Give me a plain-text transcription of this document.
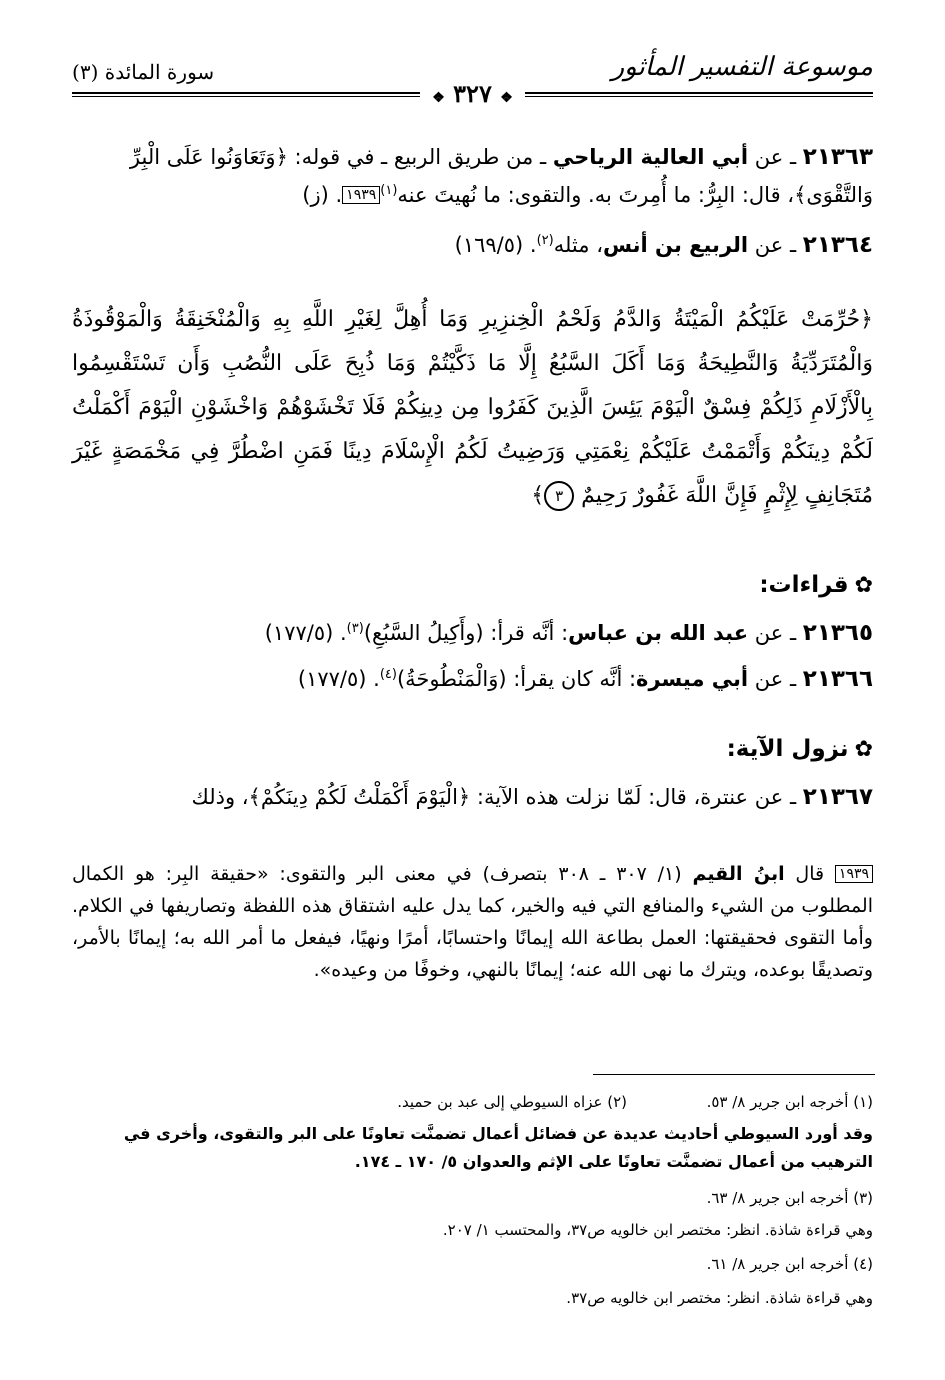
موسوعة التفسير المأثور
سورة المائدة (٣)
❖ ٣٢٧ ❖
٢١٣٦٣ ـ عن أبي العالية الرياحي ـ من طريق الربيع ـ في قوله: ﴿وَتَعَاوَنُوا عَلَى الْبِرِّ
وَالتَّقْوَى﴾، قال: البِرُّ: ما أُمِرتَ به. والتقوى: ما نُهيتَ عنه$^{(١)١٩٣٩}$. (ز)
٢١٣٦٤ ـ عن الربيع بن أنس، مثله$^{(٢)}$. (١٦٩/٥)
﴿حُرِّمَتْ عَلَيْكُمُ الْمَيْتَةُ وَالدَّمُ وَلَحْمُ الْخِنزِيرِ وَمَا أُهِلَّ لِغَيْرِ اللَّهِ بِهِ وَالْمُنْخَنِقَةُ وَالْمَوْقُوذَةُ وَالْمُتَرَدِّيَةُ وَالنَّطِيحَةُ وَمَا أَكَلَ السَّبُعُ إِلَّا مَا ذَكَّيْتُمْ وَمَا ذُبِحَ عَلَى النُّصُبِ وَأَن تَسْتَقْسِمُوا بِالْأَزْلَامِ ذَلِكُمْ فِسْقٌ الْيَوْمَ يَئِسَ الَّذِينَ كَفَرُوا مِن دِينِكُمْ فَلَا تَخْشَوْهُمْ وَاخْشَوْنِ الْيَوْمَ أَكْمَلْتُ لَكُمْ دِينَكُمْ وَأَتْمَمْتُ عَلَيْكُمْ نِعْمَتِي وَرَضِيتُ لَكُمُ الْإِسْلَامَ دِينًا فَمَنِ اضْطُرَّ فِي مَخْمَصَةٍ غَيْرَ مُتَجَانِفٍ لِإِثْمٍ فَإِنَّ اللَّهَ غَفُورٌ رَحِيمٌ ٣﴾
✿قراءات:
٢١٣٦٥ ـ عن عبد الله بن عباس: أنَّه قرأ: (وأَكِيلُ السَّبُعِ)$^{(٣)}$. (١٧٧/٥)
٢١٣٦٦ ـ عن أبي ميسرة: أنَّه كان يقرأ: (وَالْمَنْطُوحَةُ)$^{(٤)}$. (١٧٧/٥)
✿نزول الآية:
٢١٣٦٧ ـ عن عنترة، قال: لَمّا نزلت هذه الآية: ﴿الْيَوْمَ أَكْمَلْتُ لَكُمْ دِينَكُمْ﴾، وذلك
$^{١٩٣٩}$ قال ابنُ القيم (١/ ٣٠٧ ـ ٣٠٨ بتصرف) في معنى البر والتقوى: «حقيقة البِر: هو الكمال المطلوب من الشيء والمنافع التي فيه والخير، كما يدل عليه اشتقاق هذه اللفظة وتصاريفها في الكلام. وأما التقوى فحقيقتها: العمل بطاعة الله إيمانًا واحتسابًا، أمرًا ونهيًا، فيفعل ما أمر الله به؛ إيمانًا بالأمر، وتصديقًا بوعده، ويترك ما نهى الله عنه؛ إيمانًا بالنهي، وخوفًا من وعيده».
(١) أخرجه ابن جرير ٨/ ٥٣.  (٢) عزاه السيوطي إلى عبد بن حميد.
وقد أورد السيوطي أحاديث عديدة عن فضائل أعمال تضمنَّت تعاونًا على البر والتقوى، وأخرى في الترهيب من أعمال تضمنَّت تعاونًا على الإثم والعدوان ٥/ ١٧٠ ـ ١٧٤.
(٣) أخرجه ابن جرير ٨/ ٦٣.
وهي قراءة شاذة. انظر: مختصر ابن خالويه ص٣٧، والمحتسب ١/ ٢٠٧.
(٤) أخرجه ابن جرير ٨/ ٦١.
وهي قراءة شاذة. انظر: مختصر ابن خالويه ص٣٧.
